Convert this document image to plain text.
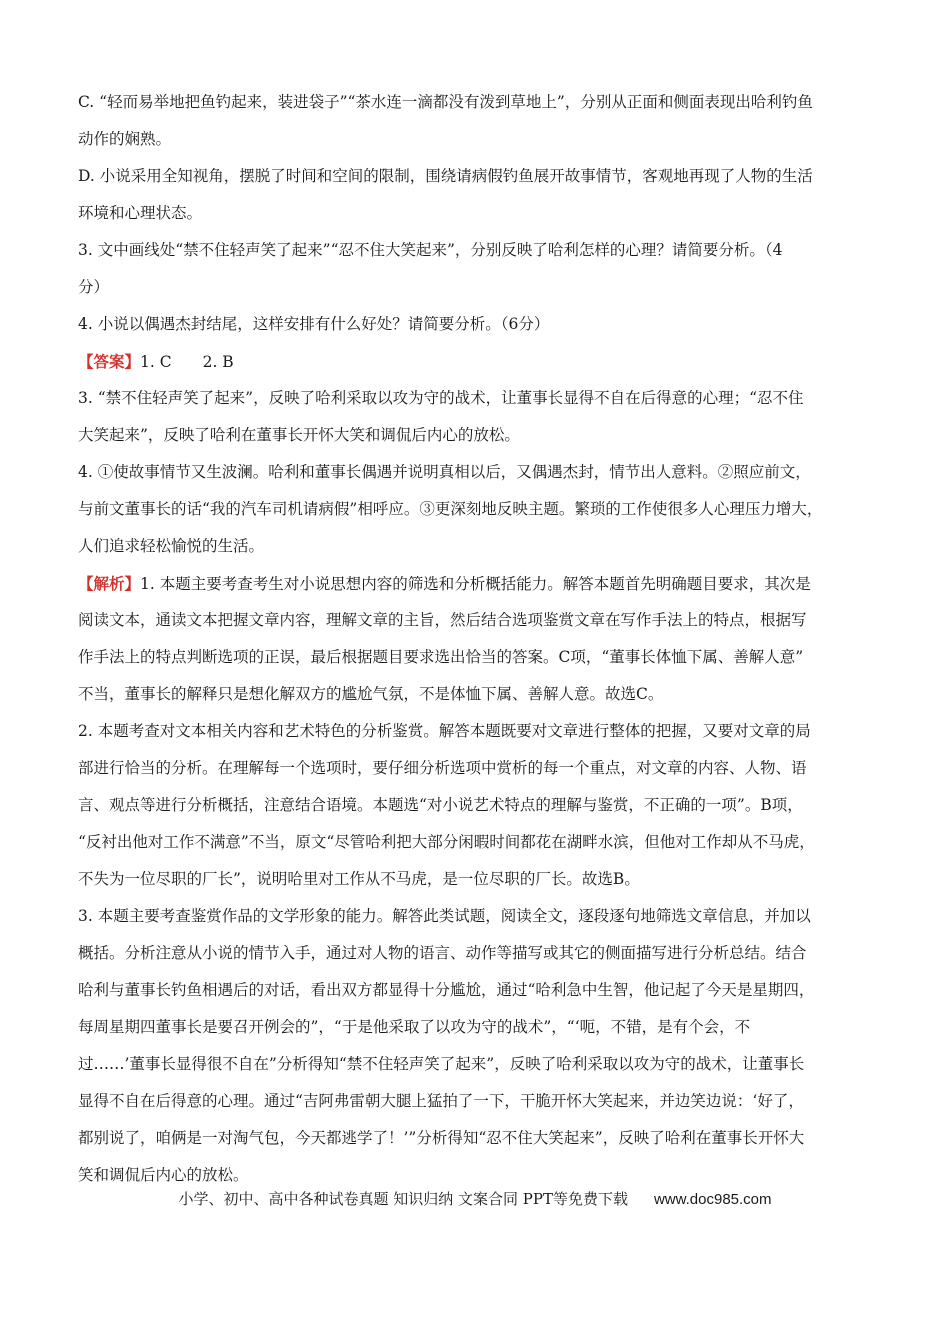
C. “轻而易举地把鱼钓起来，装进袋子”“茶水连一滴都没有泼到草地上”，分别从正面和侧面表现出哈利钓鱼
动作的娴熟。
D. 小说采用全知视角，摆脱了时间和空间的限制，围绕请病假钓鱼展开故事情节，客观地再现了人物的生活
环境和心理状态。
3. 文中画线处“禁不住轻声笑了起来”“忍不住大笑起来”，分别反映了哈利怎样的心理？请简要分析。（4
分）
4. 小说以偶遇杰封结尾，这样安排有什么好处？请简要分析。（6分）
【答案】1. C　　2. B
3. “禁不住轻声笑了起来”，反映了哈利采取以攻为守的战术，让董事长显得不自在后得意的心理；“忍不住
大笑起来”，反映了哈利在董事长开怀大笑和调侃后内心的放松。
4. ①使故事情节又生波澜。哈利和董事长偶遇并说明真相以后，又偶遇杰封，情节出人意料。②照应前文，
与前文董事长的话“我的汽车司机请病假”相呼应。③更深刻地反映主题。繁琐的工作使很多人心理压力增大，
人们追求轻松愉悦的生活。
【解析】1. 本题主要考查考生对小说思想内容的筛选和分析概括能力。解答本题首先明确题目要求，其次是
阅读文本，通读文本把握文章内容，理解文章的主旨，然后结合选项鉴赏文章在写作手法上的特点，根据写
作手法上的特点判断选项的正误，最后根据题目要求选出恰当的答案。C项，“董事长体恤下属、善解人意”
不当，董事长的解释只是想化解双方的尴尬气氛，不是体恤下属、善解人意。故选C。
2. 本题考查对文本相关内容和艺术特色的分析鉴赏。解答本题既要对文章进行整体的把握，又要对文章的局
部进行恰当的分析。在理解每一个选项时，要仔细分析选项中赏析的每一个重点，对文章的内容、人物、语
言、观点等进行分析概括，注意结合语境。本题选“对小说艺术特点的理解与鉴赏，不正确的一项”。B项，
“反衬出他对工作不满意”不当，原文“尽管哈利把大部分闲暇时间都花在湖畔水滨，但他对工作却从不马虎，
不失为一位尽职的厂长”，说明哈里对工作从不马虎，是一位尽职的厂长。故选B。
3. 本题主要考查鉴赏作品的文学形象的能力。解答此类试题，阅读全文，逐段逐句地筛选文章信息，并加以
概括。分析注意从小说的情节入手，通过对人物的语言、动作等描写或其它的侧面描写进行分析总结。结合
哈利与董事长钓鱼相遇后的对话，看出双方都显得十分尴尬，通过“哈利急中生智，他记起了今天是星期四，
每周星期四董事长是要召开例会的”，“于是他采取了以攻为守的战术”，“‘呃，不错，是有个会，不
过……’董事长显得很不自在”分析得知“禁不住轻声笑了起来”，反映了哈利采取以攻为守的战术，让董事长
显得不自在后得意的心理。通过“吉阿弗雷朝大腿上猛拍了一下，干脆开怀大笑起来，并边笑边说：‘好了，
都别说了，咱俩是一对淘气包，今天都逃学了！’”分析得知“忍不住大笑起来”，反映了哈利在董事长开怀大
笑和调侃后内心的放松。
小学、初中、高中各种试卷真题 知识归纳 文案合同 PPT等免费下载 www.doc985.com
